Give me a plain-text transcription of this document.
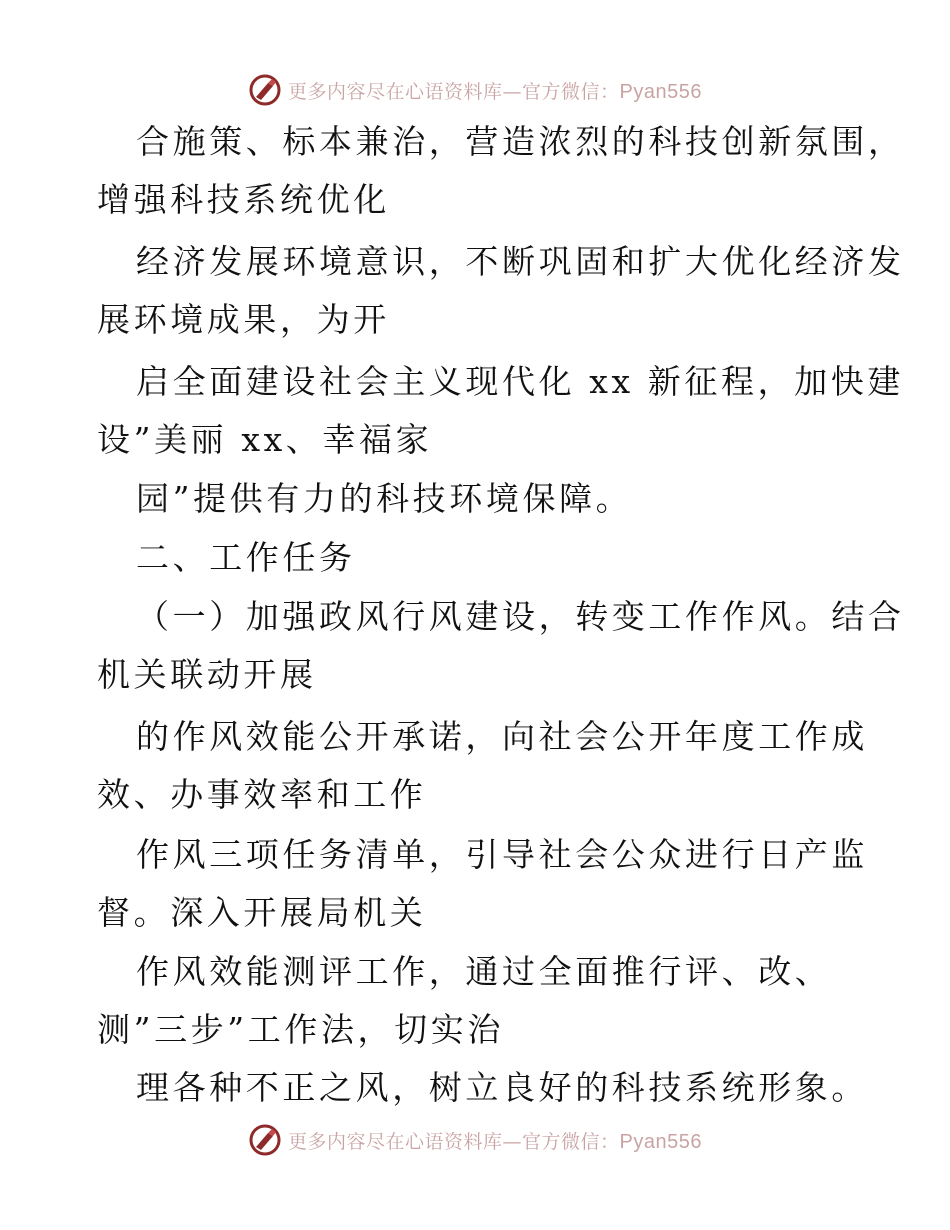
更多内容尽在心语资料库—官方微信：Pyan556
合施策、标本兼治，营造浓烈的科技创新氛围，
增强科技系统优化
经济发展环境意识，不断巩固和扩大优化经济发
展环境成果，为开
启全面建设社会主义现代化 xx 新征程，加快建
设”美丽 xx、幸福家
园”提供有力的科技环境保障。
二、工作任务
（一）加强政风行风建设，转变工作作风。结合
机关联动开展
的作风效能公开承诺，向社会公开年度工作成
效、办事效率和工作
作风三项任务清单，引导社会公众进行日产监
督。深入开展局机关
作风效能测评工作，通过全面推行评、改、
测”三步”工作法，切实治
理各种不正之风，树立良好的科技系统形象。
更多内容尽在心语资料库—官方微信：Pyan556
